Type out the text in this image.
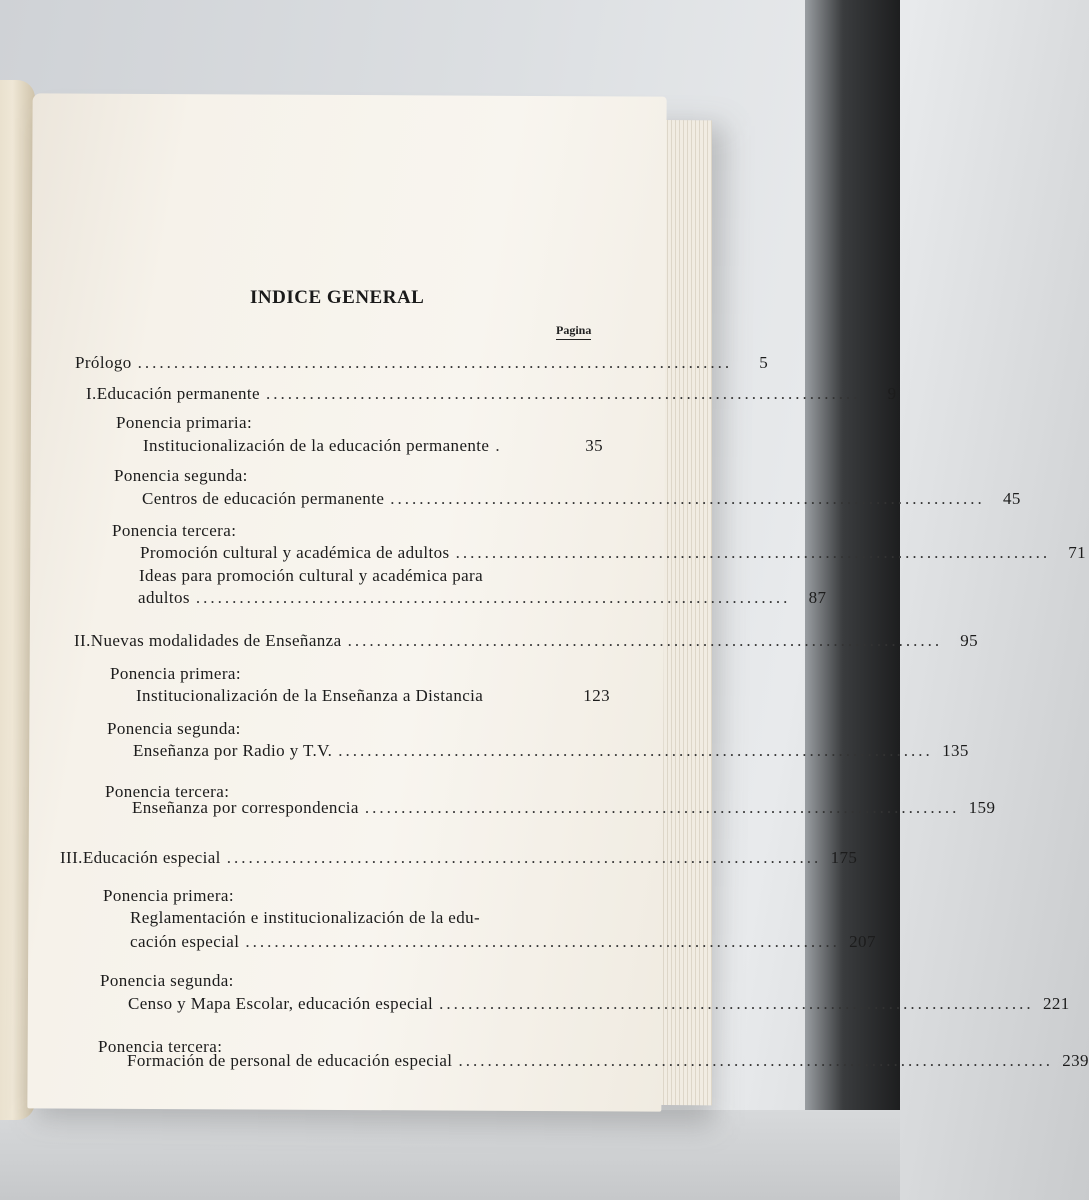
INDICE GENERAL
Pagina
Prólogo ..................................................................................	5
I. Educación permanente ..................................................................................	9
Ponencia primaria:
Institucionalización de la educación permanente .	35
Ponencia segunda:
Centros de educación permanente ..................................................................................	45
Ponencia tercera:
Promoción cultural y académica de adultos ..................................................................................	71
Ideas para promoción cultural y académica para
adultos ..................................................................................	87
II. Nuevas modalidades de Enseñanza ..................................................................................	95
Ponencia primera:
Institucionalización de la Enseñanza a Distancia	123
Ponencia segunda:
Enseñanza por Radio y T.V. .................................................................................. 135
Ponencia tercera:
Enseñanza por correspondencia .................................................................................. 159
III. Educación especial .................................................................................. 175
Ponencia primera:
Reglamentación e institucionalización de la edu-
cación especial .................................................................................. 207
Ponencia segunda:
Censo y Mapa Escolar, educación especial .................................................................................. 221
Ponencia tercera:
Formación de personal de educación especial .................................................................................. 239
